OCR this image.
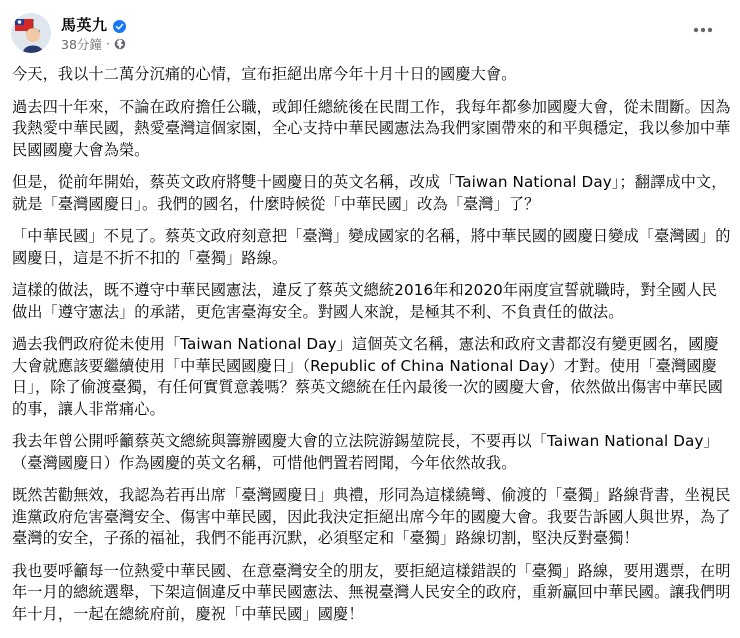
馬英九
38分鐘 ·

今天，我以十二萬分沉痛的心情，宣布拒絕出席今年十月十日的國慶大會。

過去四十年來，不論在政府擔任公職，或卸任總統後在民間工作，我每年都參加國慶大會，從未間斷。因為我熱愛中華民國，熱愛臺灣這個家園，全心支持中華民國憲法為我們家園帶來的和平與穩定，我以參加中華民國國慶大會為榮。

但是，從前年開始，蔡英文政府將雙十國慶日的英文名稱，改成「Taiwan National Day」；翻譯成中文，就是「臺灣國慶日」。我們的國名，什麼時候從「中華民國」改為「臺灣」了？

「中華民國」不見了。蔡英文政府刻意把「臺灣」變成國家的名稱，將中華民國的國慶日變成「臺灣國」的國慶日，這是不折不扣的「臺獨」路線。

這樣的做法，既不遵守中華民國憲法，違反了蔡英文總統2016年和2020年兩度宣誓就職時，對全國人民做出「遵守憲法」的承諾，更危害臺海安全。對國人來說，是極其不利、不負責任的做法。

過去我們政府從未使用「Taiwan National Day」這個英文名稱，憲法和政府文書都沒有變更國名，國慶大會就應該要繼續使用「中華民國國慶日」（Republic of China National Day）才對。使用「臺灣國慶日」，除了偷渡臺獨，有任何實質意義嗎？蔡英文總統在任內最後一次的國慶大會，依然做出傷害中華民國的事，讓人非常痛心。

我去年曾公開呼籲蔡英文總統與籌辦國慶大會的立法院游錫堃院長，不要再以「Taiwan National Day」（臺灣國慶日）作為國慶的英文名稱，可惜他們置若罔聞，今年依然故我。

既然苦勸無效，我認為若再出席「臺灣國慶日」典禮，形同為這樣繞彎、偷渡的「臺獨」路線背書，坐視民進黨政府危害臺灣安全、傷害中華民國，因此我決定拒絕出席今年的國慶大會。我要告訴國人與世界，為了臺灣的安全，子孫的福祉，我們不能再沉默，必須堅定和「臺獨」路線切割，堅決反對臺獨！

我也要呼籲每一位熱愛中華民國、在意臺灣安全的朋友，要拒絕這樣錯誤的「臺獨」路線，要用選票，在明年一月的總統選舉，下架這個違反中華民國憲法、無視臺灣人民安全的政府，重新贏回中華民國。讓我們明年十月，一起在總統府前，慶祝「中華民國」國慶！
